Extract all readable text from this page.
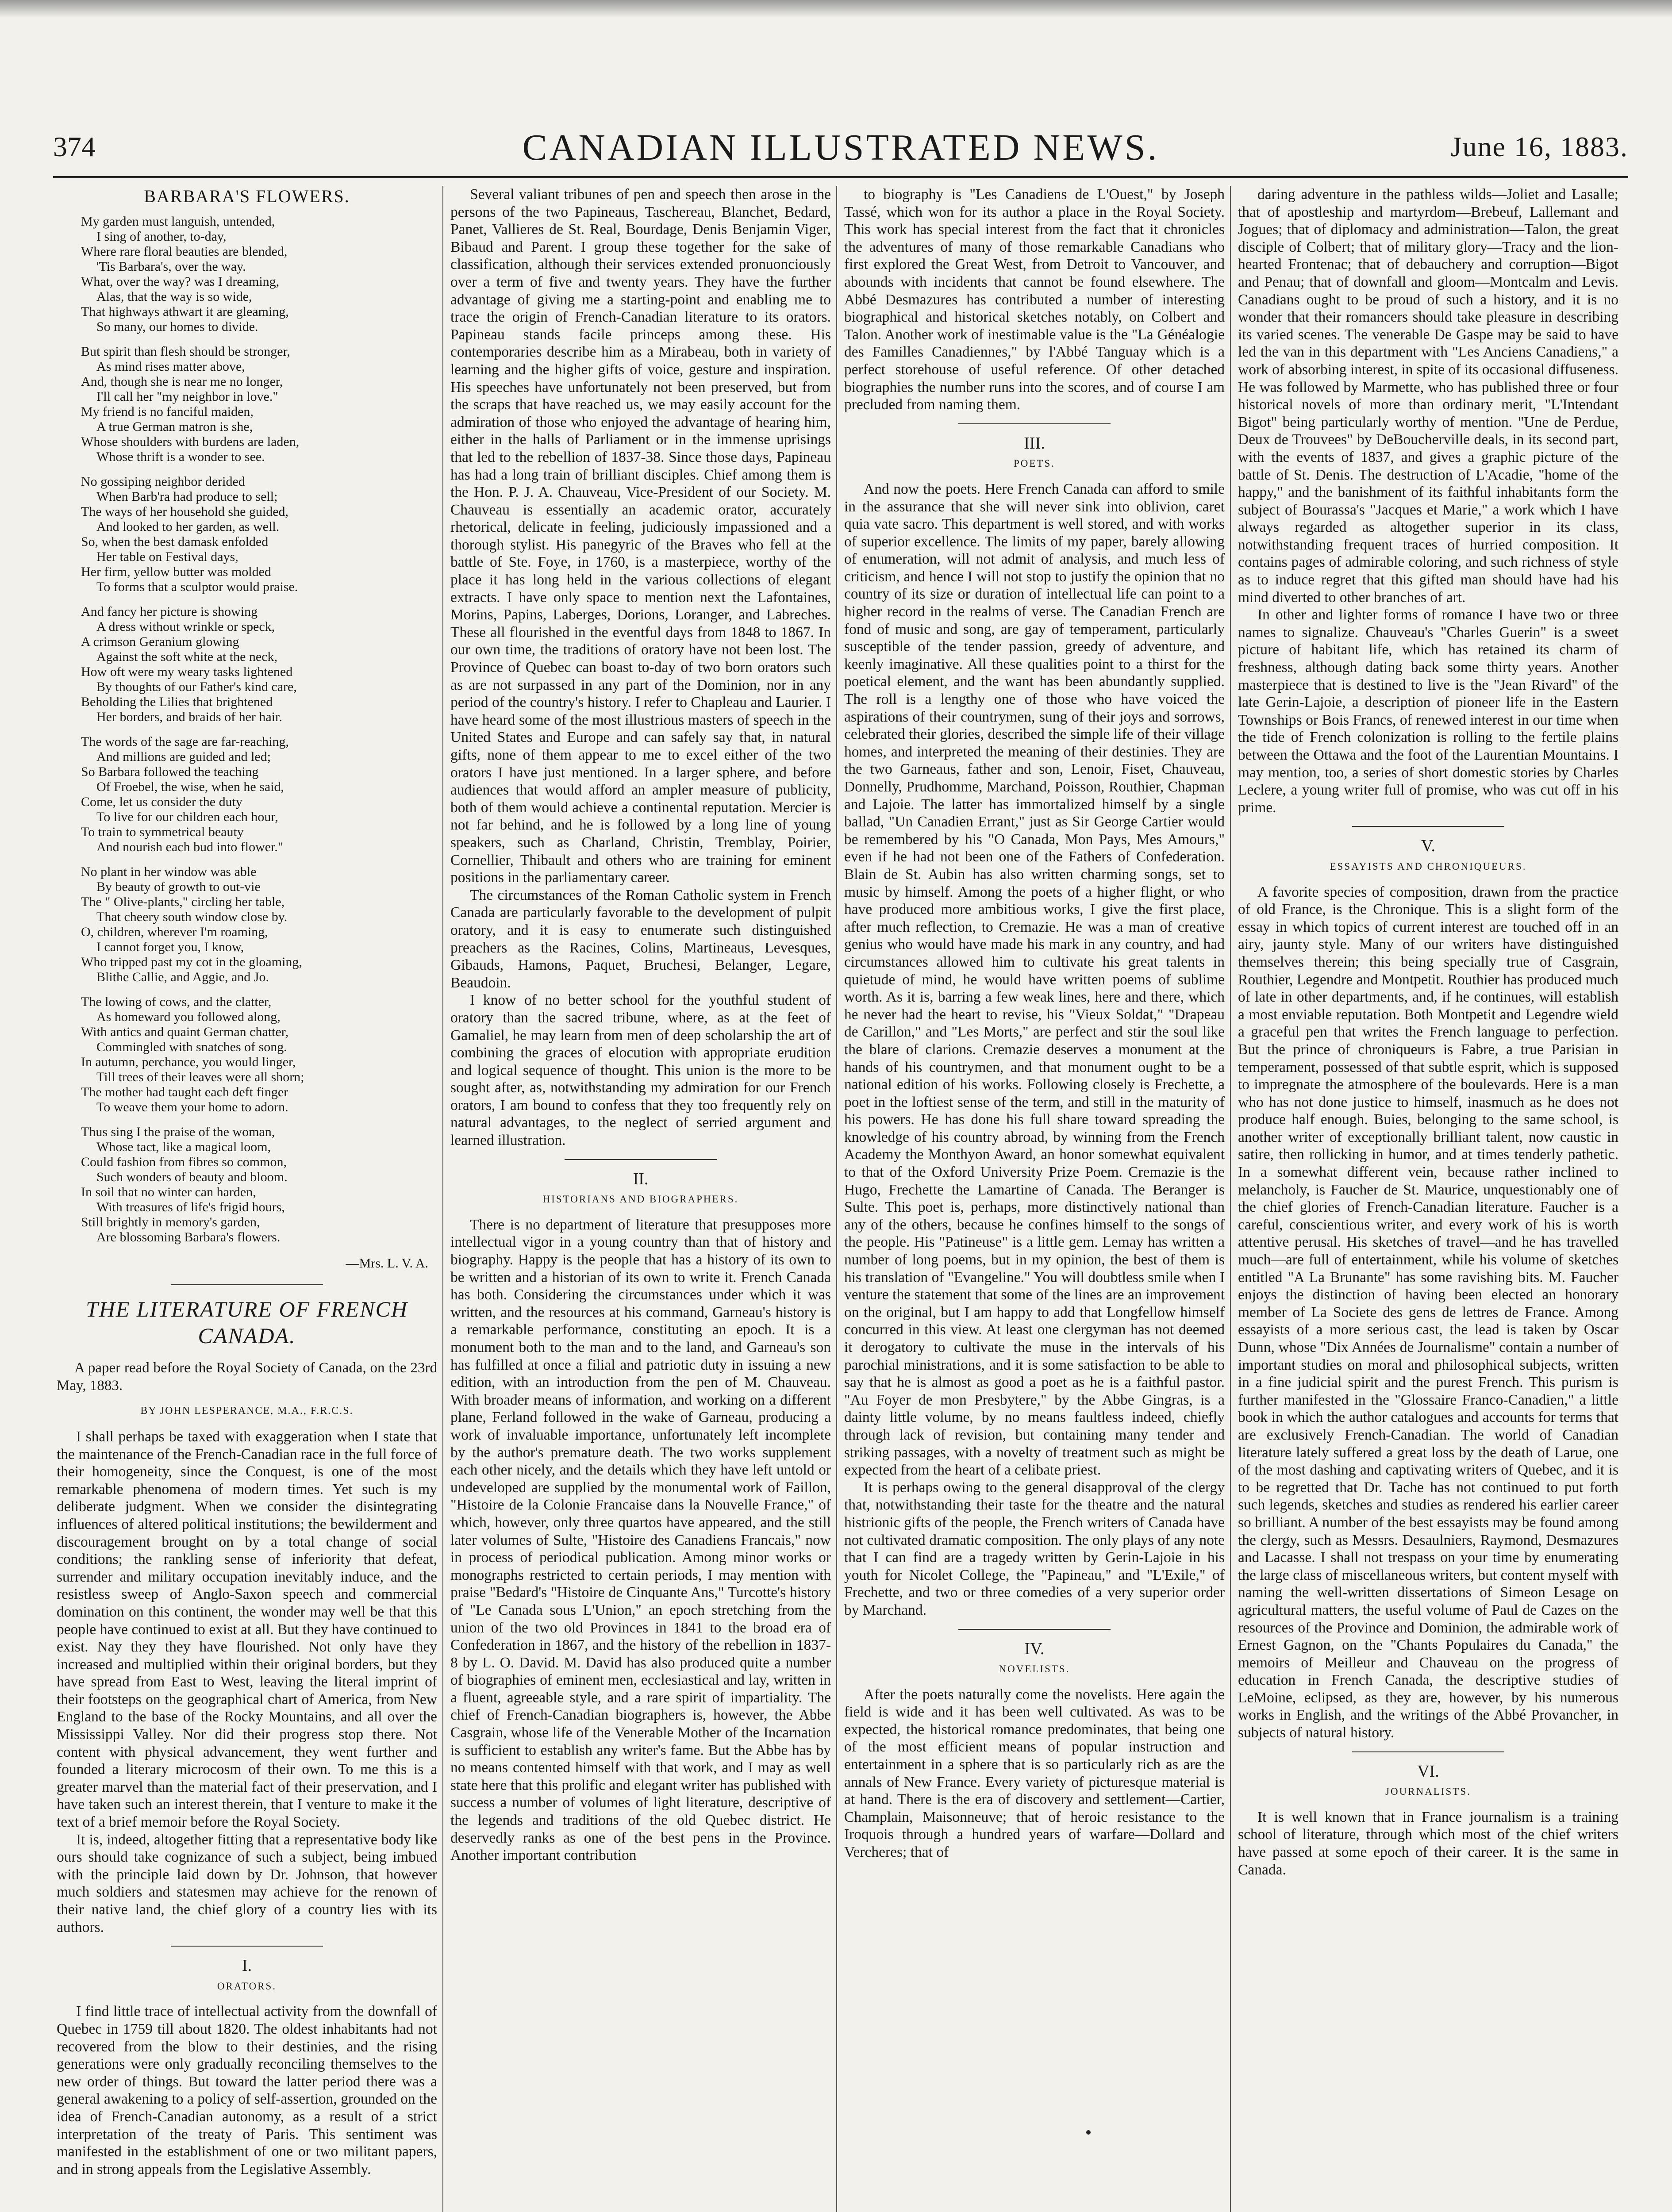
374	CANADIAN ILLUSTRATED NEWS.	June 16, 1883.
BARBARA'S FLOWERS.
My garden must languish, untended,
I sing of another, to-day,
Where rare floral beauties are blended,
'Tis Barbara's, over the way.
What, over the way? was I dreaming,
Alas, that the way is so wide,
That highways athwart it are gleaming,
So many, our homes to divide.
But spirit than flesh should be stronger,
As mind rises matter above,
And, though she is near me no longer,
I'll call her "my neighbor in love."
My friend is no fanciful maiden,
A true German matron is she,
Whose shoulders with burdens are laden,
Whose thrift is a wonder to see.
No gossiping neighbor derided
When Barb'ra had produce to sell;
The ways of her household she guided,
And looked to her garden, as well.
So, when the best damask enfolded
Her table on Festival days,
Her firm, yellow butter was molded
To forms that a sculptor would praise.
And fancy her picture is showing
A dress without wrinkle or speck,
A crimson Geranium glowing
Against the soft white at the neck,
How oft were my weary tasks lightened
By thoughts of our Father's kind care,
Beholding the Lilies that brightened
Her borders, and braids of her hair.
The words of the sage are far-reaching,
And millions are guided and led;
So Barbara followed the teaching
Of Froebel, the wise, when he said,
Come, let us consider the duty
To live for our children each hour,
To train to symmetrical beauty
And nourish each bud into flower."
No plant in her window was able
By beauty of growth to out-vie
The " Olive-plants," circling her table,
That cheery south window close by.
O, children, wherever I'm roaming,
I cannot forget you, I know,
Who tripped past my cot in the gloaming,
Blithe Callie, and Aggie, and Jo.
The lowing of cows, and the clatter,
As homeward you followed along,
With antics and quaint German chatter,
Commingled with snatches of song.
In autumn, perchance, you would linger,
Till trees of their leaves were all shorn;
The mother had taught each deft finger
To weave them your home to adorn.
Thus sing I the praise of the woman,
Whose tact, like a magical loom,
Could fashion from fibres so common,
Such wonders of beauty and bloom.
In soil that no winter can harden,
With treasures of life's frigid hours,
Still brightly in memory's garden,
Are blossoming Barbara's flowers.
—Mrs. L. V. A.
THE LITERATURE OF FRENCH CANADA.

A paper read before the Royal Society of Canada, on the 23rd May, 1883.

BY JOHN LESPERANCE, M.A., F.R.C.S.

I shall perhaps be taxed with exaggeration when I state that the maintenance of the French-Canadian race in the full force of their homogeneity, since the Conquest, is one of the most remarkable phenomena of modern times. Yet such is my deliberate judgment. When we consider the disintegrating influences of altered political institutions; the bewilderment and discouragement brought on by a total change of social conditions; the rankling sense of inferiority that defeat, surrender and military occupation inevitably induce, and the resistless sweep of Anglo-Saxon speech and commercial domination on this continent, the wonder may well be that this people have continued to exist at all. But they have continued to exist. Nay they they have flourished. Not only have they increased and multiplied within their original borders, but they have spread from East to West, leaving the literal imprint of their footsteps on the geographical chart of America, from New England to the base of the Rocky Mountains, and all over the Mississippi Valley. Nor did their progress stop there. Not content with physical advancement, they went further and founded a literary microcosm of their own. To me this is a greater marvel than the material fact of their preservation, and I have taken such an interest therein, that I venture to make it the text of a brief memoir before the Royal Society.

It is, indeed, altogether fitting that a representative body like ours should take cognizance of such a subject, being imbued with the principle laid down by Dr. Johnson, that however much soldiers and statesmen may achieve for the renown of their native land, the chief glory of a country lies with its authors.

I.
ORATORS.

I find little trace of intellectual activity from the downfall of Quebec in 1759 till about 1820. The oldest inhabitants had not recovered from the blow to their destinies, and the rising generations were only gradually reconciling themselves to the new order of things. But toward the latter period there was a general awakening to a policy of self-assertion, grounded on the idea of French-Canadian autonomy, as a result of a strict interpretation of the treaty of Paris. This sentiment was manifested in the establishment of one or two militant papers, and in strong appeals from the Legislative Assembly.

Several valiant tribunes of pen and speech then arose in the persons of the two Papineaus, Taschereau, Blanchet, Bedard, Panet, Vallieres de St. Real, Bourdage, Denis Benjamin Viger, Bibaud and Parent. I group these together for the sake of classification, although their services extended pronuonciously over a term of five and twenty years. They have the further advantage of giving me a starting-point and enabling me to trace the origin of French-Canadian literature to its orators. Papineau stands facile princeps among these. His contemporaries describe him as a Mirabeau, both in variety of learning and the higher gifts of voice, gesture and inspiration. His speeches have unfortunately not been preserved, but from the scraps that have reached us, we may easily account for the admiration of those who enjoyed the advantage of hearing him, either in the halls of Parliament or in the immense uprisings that led to the rebellion of 1837-38. Since those days, Papineau has had a long train of brilliant disciples. Chief among them is the Hon. P. J. A. Chauveau, Vice-President of our Society. M. Chauveau is essentially an academic orator, accurately rhetorical, delicate in feeling, judiciously impassioned and a thorough stylist. His panegyric of the Braves who fell at the battle of Ste. Foye, in 1760, is a masterpiece, worthy of the place it has long held in the various collections of elegant extracts. I have only space to mention next the Lafontaines, Morins, Papins, Laberges, Dorions, Loranger, and Labreches. These all flourished in the eventful days from 1848 to 1867. In our own time, the traditions of oratory have not been lost. The Province of Quebec can boast to-day of two born orators such as are not surpassed in any part of the Dominion, nor in any period of the country's history. I refer to Chapleau and Laurier. I have heard some of the most illustrious masters of speech in the United States and Europe and can safely say that, in natural gifts, none of them appear to me to excel either of the two orators I have just mentioned. In a larger sphere, and before audiences that would afford an ampler measure of publicity, both of them would achieve a continental reputation. Mercier is not far behind, and he is followed by a long line of young speakers, such as Charland, Christin, Tremblay, Poirier, Cornellier, Thibault and others who are training for eminent positions in the parliamentary career.

The circumstances of the Roman Catholic system in French Canada are particularly favorable to the development of pulpit oratory, and it is easy to enumerate such distinguished preachers as the Racines, Colins, Martineaus, Levesques, Gibauds, Hamons, Paquet, Bruchesi, Belanger, Legare, Beaudoin.

I know of no better school for the youthful student of oratory than the sacred tribune, where, as at the feet of Gamaliel, he may learn from men of deep scholarship the art of combining the graces of elocution with appropriate erudition and logical sequence of thought. This union is the more to be sought after, as, notwithstanding my admiration for our French orators, I am bound to confess that they too frequently rely on natural advantages, to the neglect of serried argument and learned illustration.

II.
HISTORIANS AND BIOGRAPHERS.

There is no department of literature that presupposes more intellectual vigor in a young country than that of history and biography. Happy is the people that has a history of its own to be written and a historian of its own to write it. French Canada has both. Considering the circumstances under which it was written, and the resources at his command, Garneau's history is a remarkable performance, constituting an epoch. It is a monument both to the man and to the land, and Garneau's son has fulfilled at once a filial and patriotic duty in issuing a new edition, with an introduction from the pen of M. Chauveau. With broader means of information, and working on a different plane, Ferland followed in the wake of Garneau, producing a work of invaluable importance, unfortunately left incomplete by the author's premature death. The two works supplement each other nicely, and the details which they have left untold or undeveloped are supplied by the monumental work of Faillon, "Histoire de la Colonie Francaise dans la Nouvelle France," of which, however, only three quartos have appeared, and the still later volumes of Sulte, "Histoire des Canadiens Francais," now in process of periodical publication. Among minor works or monographs restricted to certain periods, I may mention with praise "Bedard's "Histoire de Cinquante Ans," Turcotte's history of "Le Canada sous L'Union," an epoch stretching from the union of the two old Provinces in 1841 to the broad era of Confederation in 1867, and the history of the rebellion in 1837-8 by L. O. David. M. David has also produced quite a number of biographies of eminent men, ecclesiastical and lay, written in a fluent, agreeable style, and a rare spirit of impartiality. The chief of French-Canadian biographers is, however, the Abbe Casgrain, whose life of the Venerable Mother of the Incarnation is sufficient to establish any writer's fame. But the Abbe has by no means contented himself with that work, and I may as well state here that this prolific and elegant writer has published with success a number of volumes of light literature, descriptive of the legends and traditions of the old Quebec district. He deservedly ranks as one of the best pens in the Province. Another important contribution

to biography is "Les Canadiens de L'Ouest," by Joseph Tassé, which won for its author a place in the Royal Society. This work has special interest from the fact that it chronicles the adventures of many of those remarkable Canadians who first explored the Great West, from Detroit to Vancouver, and abounds with incidents that cannot be found elsewhere. The Abbé Desmazures has contributed a number of interesting biographical and historical sketches notably, on Colbert and Talon. Another work of inestimable value is the "La Généalogie des Familles Canadiennes," by l'Abbé Tanguay which is a perfect storehouse of useful reference. Of other detached biographies the number runs into the scores, and of course I am precluded from naming them.

III.
POETS.

And now the poets. Here French Canada can afford to smile in the assurance that she will never sink into oblivion, caret quia vate sacro. This department is well stored, and with works of superior excellence. The limits of my paper, barely allowing of enumeration, will not admit of analysis, and much less of criticism, and hence I will not stop to justify the opinion that no country of its size or duration of intellectual life can point to a higher record in the realms of verse. The Canadian French are fond of music and song, are gay of temperament, particularly susceptible of the tender passion, greedy of adventure, and keenly imaginative. All these qualities point to a thirst for the poetical element, and the want has been abundantly supplied. The roll is a lengthy one of those who have voiced the aspirations of their countrymen, sung of their joys and sorrows, celebrated their glories, described the simple life of their village homes, and interpreted the meaning of their destinies. They are the two Garneaus, father and son, Lenoir, Fiset, Chauveau, Donnelly, Prudhomme, Marchand, Poisson, Routhier, Chapman and Lajoie. The latter has immortalized himself by a single ballad, "Un Canadien Errant," just as Sir George Cartier would be remembered by his "O Canada, Mon Pays, Mes Amours," even if he had not been one of the Fathers of Confederation. Blain de St. Aubin has also written charming songs, set to music by himself. Among the poets of a higher flight, or who have produced more ambitious works, I give the first place, after much reflection, to Cremazie. He was a man of creative genius who would have made his mark in any country, and had circumstances allowed him to cultivate his great talents in quietude of mind, he would have written poems of sublime worth. As it is, barring a few weak lines, here and there, which he never had the heart to revise, his "Vieux Soldat," "Drapeau de Carillon," and "Les Morts," are perfect and stir the soul like the blare of clarions. Cremazie deserves a monument at the hands of his countrymen, and that monument ought to be a national edition of his works. Following closely is Frechette, a poet in the loftiest sense of the term, and still in the maturity of his powers. He has done his full share toward spreading the knowledge of his country abroad, by winning from the French Academy the Monthyon Award, an honor somewhat equivalent to that of the Oxford University Prize Poem. Cremazie is the Hugo, Frechette the Lamartine of Canada. The Beranger is Sulte. This poet is, perhaps, more distinctively national than any of the others, because he confines himself to the songs of the people. His "Patineuse" is a little gem. Lemay has written a number of long poems, but in my opinion, the best of them is his translation of "Evangeline." You will doubtless smile when I venture the statement that some of the lines are an improvement on the original, but I am happy to add that Longfellow himself concurred in this view. At least one clergyman has not deemed it derogatory to cultivate the muse in the intervals of his parochial ministrations, and it is some satisfaction to be able to say that he is almost as good a poet as he is a faithful pastor. "Au Foyer de mon Presbytere," by the Abbe Gingras, is a dainty little volume, by no means faultless indeed, chiefly through lack of revision, but containing many tender and striking passages, with a novelty of treatment such as might be expected from the heart of a celibate priest.

It is perhaps owing to the general disapproval of the clergy that, notwithstanding their taste for the theatre and the natural histrionic gifts of the people, the French writers of Canada have not cultivated dramatic composition. The only plays of any note that I can find are a tragedy written by Gerin-Lajoie in his youth for Nicolet College, the "Papineau," and "L'Exile," of Frechette, and two or three comedies of a very superior order by Marchand.

IV.
NOVELISTS.

After the poets naturally come the novelists. Here again the field is wide and it has been well cultivated. As was to be expected, the historical romance predominates, that being one of the most efficient means of popular instruction and entertainment in a sphere that is so particularly rich as are the annals of New France. Every variety of picturesque material is at hand. There is the era of discovery and settlement—Cartier, Champlain, Maisonneuve; that of heroic resistance to the Iroquois through a hundred years of warfare—Dollard and Vercheres; that of

daring adventure in the pathless wilds—Joliet and Lasalle; that of apostleship and martyrdom—Brebeuf, Lallemant and Jogues; that of diplomacy and administration—Talon, the great disciple of Colbert; that of military glory—Tracy and the lion-hearted Frontenac; that of debauchery and corruption—Bigot and Penau; that of downfall and gloom—Montcalm and Levis. Canadians ought to be proud of such a history, and it is no wonder that their romancers should take pleasure in describing its varied scenes. The venerable De Gaspe may be said to have led the van in this department with "Les Anciens Canadiens," a work of absorbing interest, in spite of its occasional diffuseness. He was followed by Marmette, who has published three or four historical novels of more than ordinary merit, "L'Intendant Bigot" being particularly worthy of mention. "Une de Perdue, Deux de Trouvees" by DeBoucherville deals, in its second part, with the events of 1837, and gives a graphic picture of the battle of St. Denis. The destruction of L'Acadie, "home of the happy," and the banishment of its faithful inhabitants form the subject of Bourassa's "Jacques et Marie," a work which I have always regarded as altogether superior in its class, notwithstanding frequent traces of hurried composition. It contains pages of admirable coloring, and such richness of style as to induce regret that this gifted man should have had his mind diverted to other branches of art.

In other and lighter forms of romance I have two or three names to signalize. Chauveau's "Charles Guerin" is a sweet picture of habitant life, which has retained its charm of freshness, although dating back some thirty years. Another masterpiece that is destined to live is the "Jean Rivard" of the late Gerin-Lajoie, a description of pioneer life in the Eastern Townships or Bois Francs, of renewed interest in our time when the tide of French colonization is rolling to the fertile plains between the Ottawa and the foot of the Laurentian Mountains. I may mention, too, a series of short domestic stories by Charles Leclere, a young writer full of promise, who was cut off in his prime.

V.
ESSAYISTS AND CHRONIQUEURS.

A favorite species of composition, drawn from the practice of old France, is the Chronique. This is a slight form of the essay in which topics of current interest are touched off in an airy, jaunty style. Many of our writers have distinguished themselves therein; this being specially true of Casgrain, Routhier, Legendre and Montpetit. Routhier has produced much of late in other departments, and, if he continues, will establish a most enviable reputation. Both Montpetit and Legendre wield a graceful pen that writes the French language to perfection. But the prince of chroniqueurs is Fabre, a true Parisian in temperament, possessed of that subtle esprit, which is supposed to impregnate the atmosphere of the boulevards. Here is a man who has not done justice to himself, inasmuch as he does not produce half enough. Buies, belonging to the same school, is another writer of exceptionally brilliant talent, now caustic in satire, then rollicking in humor, and at times tenderly pathetic. In a somewhat different vein, because rather inclined to melancholy, is Faucher de St. Maurice, unquestionably one of the chief glories of French-Canadian literature. Faucher is a careful, conscientious writer, and every work of his is worth attentive perusal. His sketches of travel—and he has travelled much—are full of entertainment, while his volume of sketches entitled "A La Brunante" has some ravishing bits. M. Faucher enjoys the distinction of having been elected an honorary member of La Societe des gens de lettres de France. Among essayists of a more serious cast, the lead is taken by Oscar Dunn, whose "Dix Années de Journalisme" contain a number of important studies on moral and philosophical subjects, written in a fine judicial spirit and the purest French. This purism is further manifested in the "Glossaire Franco-Canadien," a little book in which the author catalogues and accounts for terms that are exclusively French-Canadian. The world of Canadian literature lately suffered a great loss by the death of Larue, one of the most dashing and captivating writers of Quebec, and it is to be regretted that Dr. Tache has not continued to put forth such legends, sketches and studies as rendered his earlier career so brilliant. A number of the best essayists may be found among the clergy, such as Messrs. Desaulniers, Raymond, Desmazures and Lacasse. I shall not trespass on your time by enumerating the large class of miscellaneous writers, but content myself with naming the well-written dissertations of Simeon Lesage on agricultural matters, the useful volume of Paul de Cazes on the resources of the Province and Dominion, the admirable work of Ernest Gagnon, on the "Chants Populaires du Canada," the memoirs of Meilleur and Chauveau on the progress of education in French Canada, the descriptive studies of LeMoine, eclipsed, as they are, however, by his numerous works in English, and the writings of the Abbé Provancher, in subjects of natural history.

VI.
JOURNALISTS.

It is well known that in France journalism is a training school of literature, through which most of the chief writers have passed at some epoch of their career. It is the same in Canada.
